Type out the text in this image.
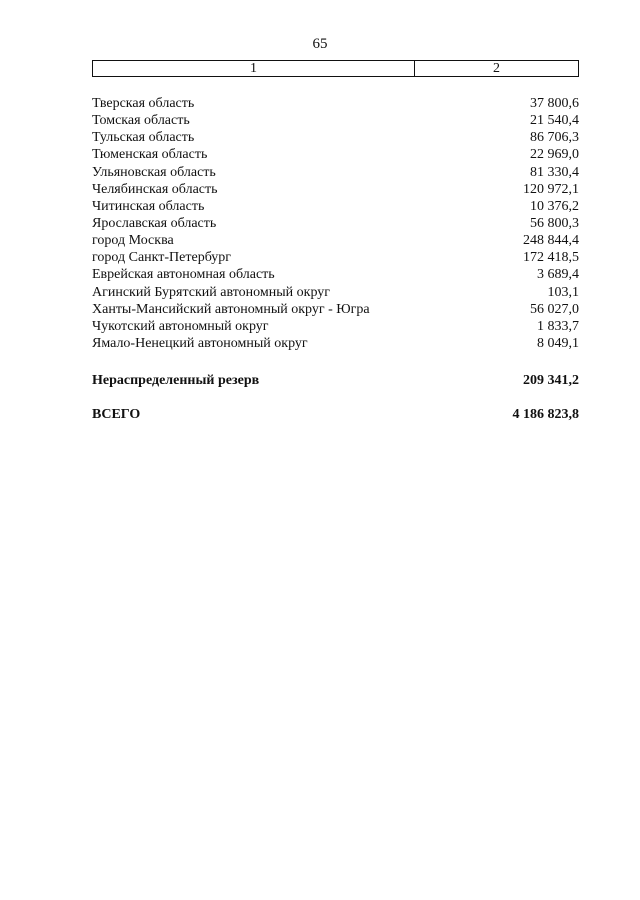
65
1	2
Тверская область	37 800,6
Томская область	21 540,4
Тульская область	86 706,3
Тюменская область	22 969,0
Ульяновская область	81 330,4
Челябинская область	120 972,1
Читинская область	10 376,2
Ярославская область	56 800,3
город Москва	248 844,4
город Санкт-Петербург	172 418,5
Еврейская автономная область	3 689,4
Агинский Бурятский автономный округ	103,1
Ханты-Мансийский автономный округ - Югра	56 027,0
Чукотский автономный округ	1 833,7
Ямало-Ненецкий автономный округ	8 049,1
Нераспределенный резерв	209 341,2
ВСЕГО	4 186 823,8
